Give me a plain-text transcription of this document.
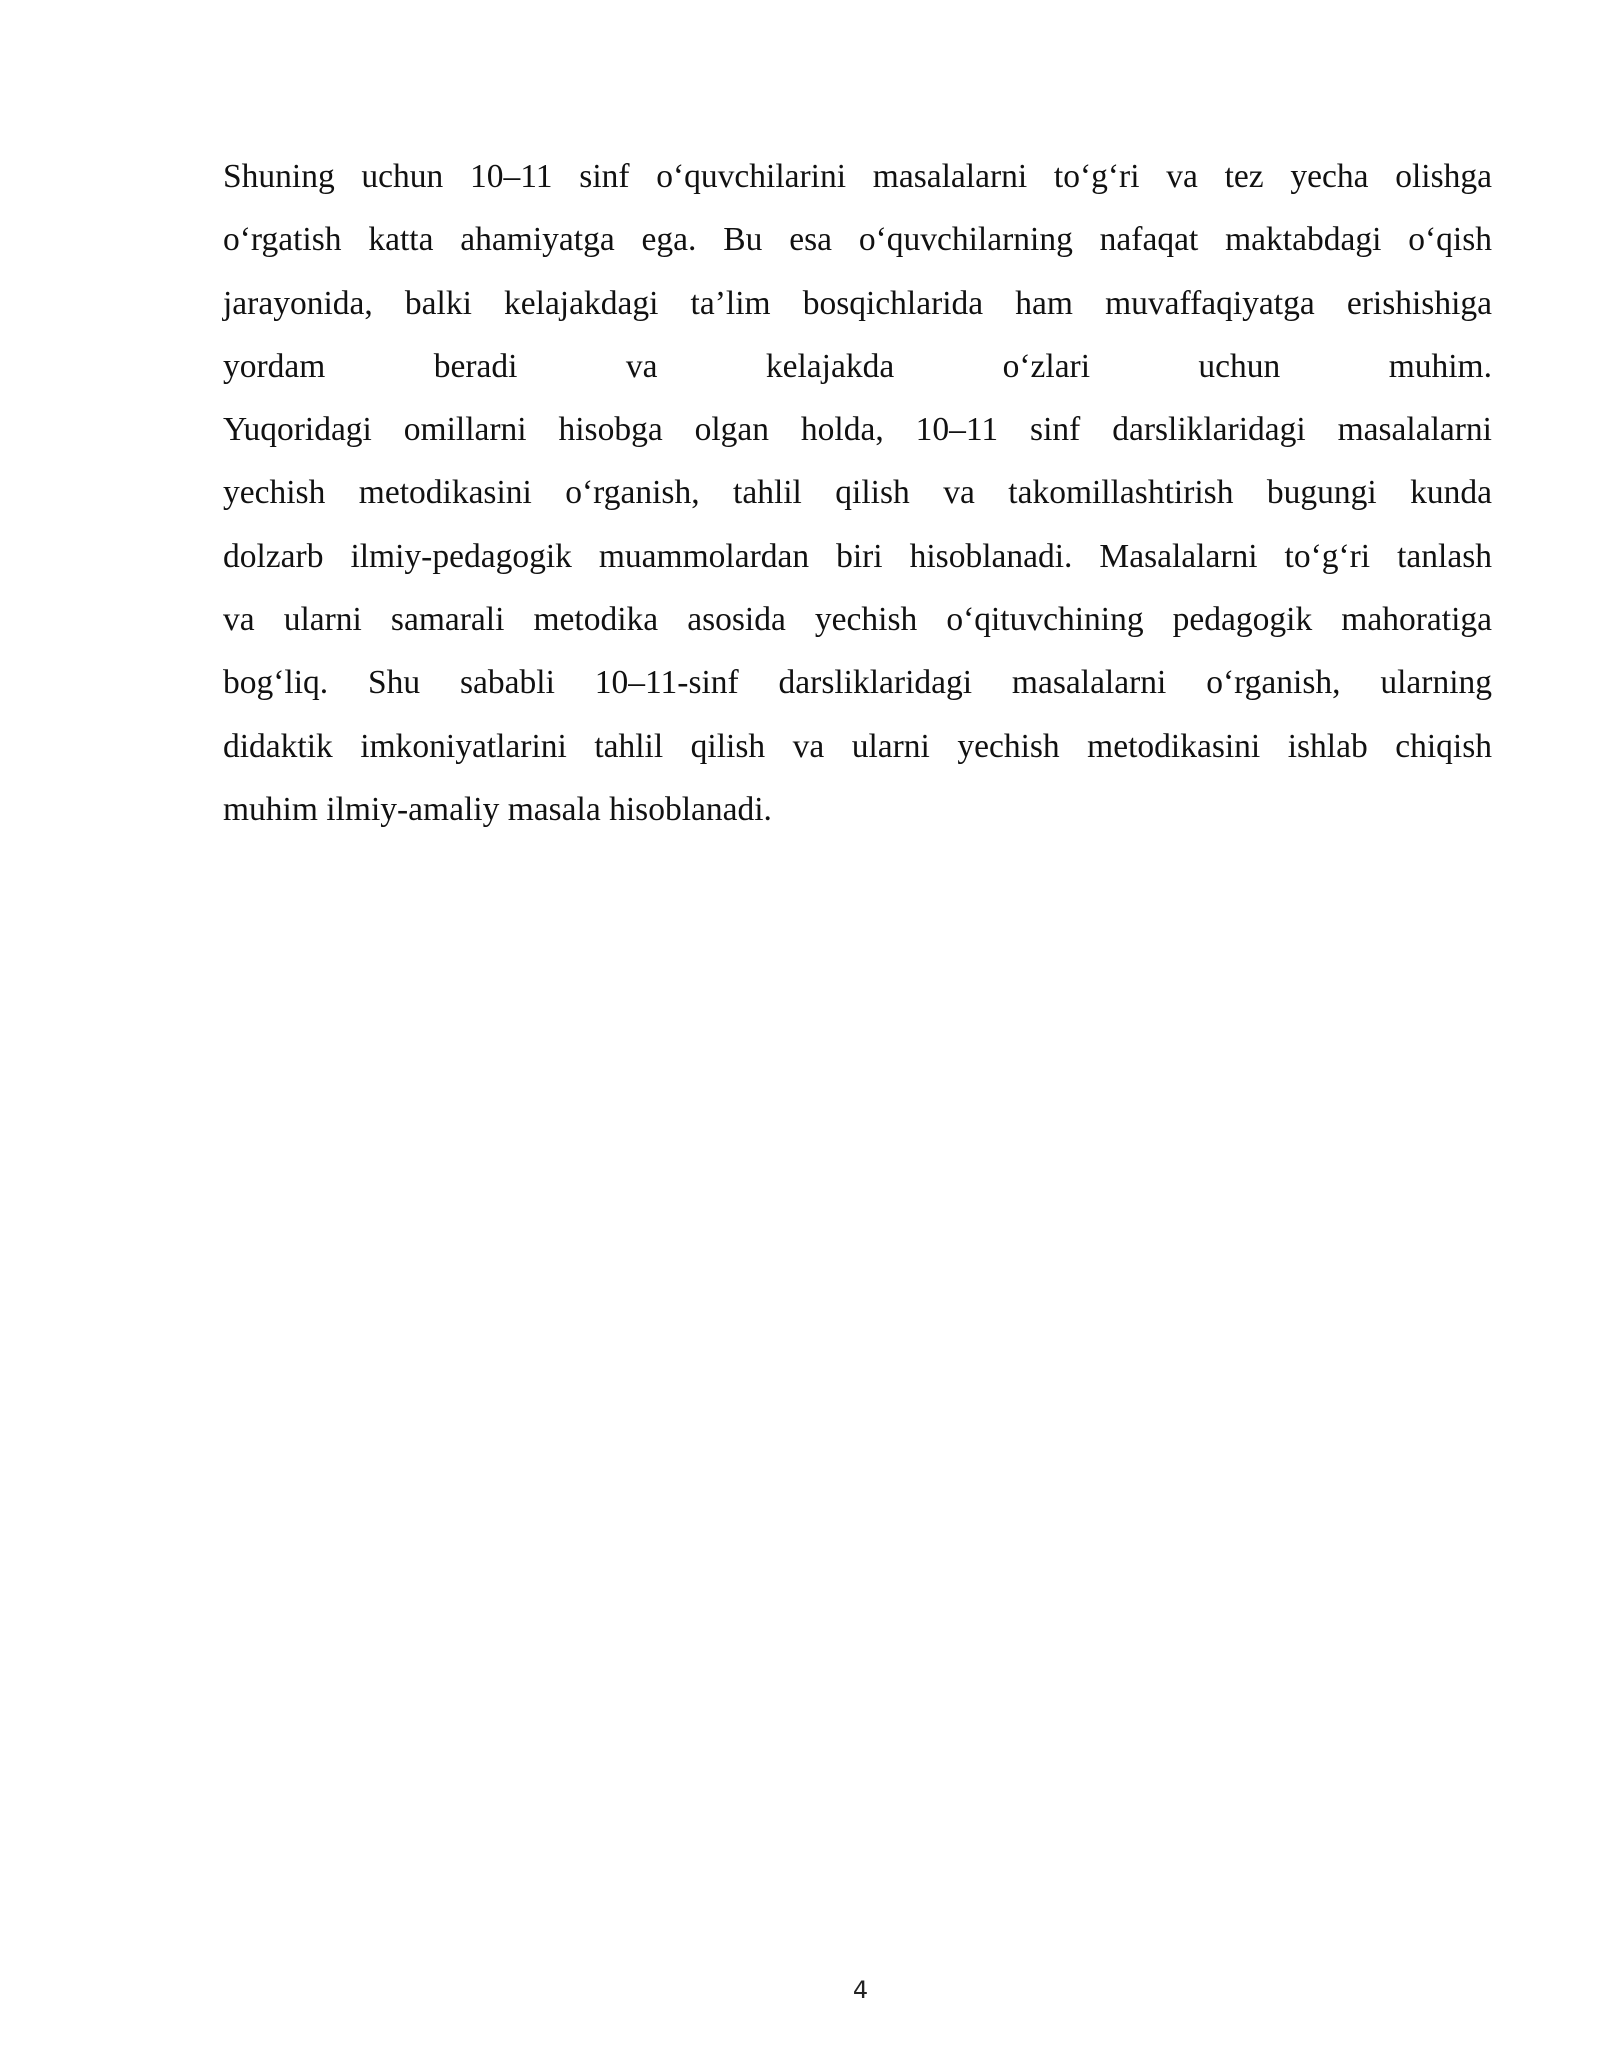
Shuning uchun 10–11 sinf o‘quvchilarini masalalarni to‘g‘ri va tez yecha olishga
o‘rgatish katta ahamiyatga ega. Bu esa o‘quvchilarning nafaqat maktabdagi o‘qish
jarayonida, balki kelajakdagi ta’lim bosqichlarida ham muvaffaqiyatga erishishiga
yordam beradi va kelajakda o‘zlari uchun muhim.
Yuqoridagi omillarni hisobga olgan holda, 10–11 sinf darsliklaridagi masalalarni
yechish metodikasini o‘rganish, tahlil qilish va takomillashtirish bugungi kunda
dolzarb ilmiy-pedagogik muammolardan biri hisoblanadi. Masalalarni to‘g‘ri tanlash
va ularni samarali metodika asosida yechish o‘qituvchining pedagogik mahoratiga
bog‘liq. Shu sababli 10–11-sinf darsliklaridagi masalalarni o‘rganish, ularning
didaktik imkoniyatlarini tahlil qilish va ularni yechish metodikasini ishlab chiqish
muhim ilmiy-amaliy masala hisoblanadi.
4
